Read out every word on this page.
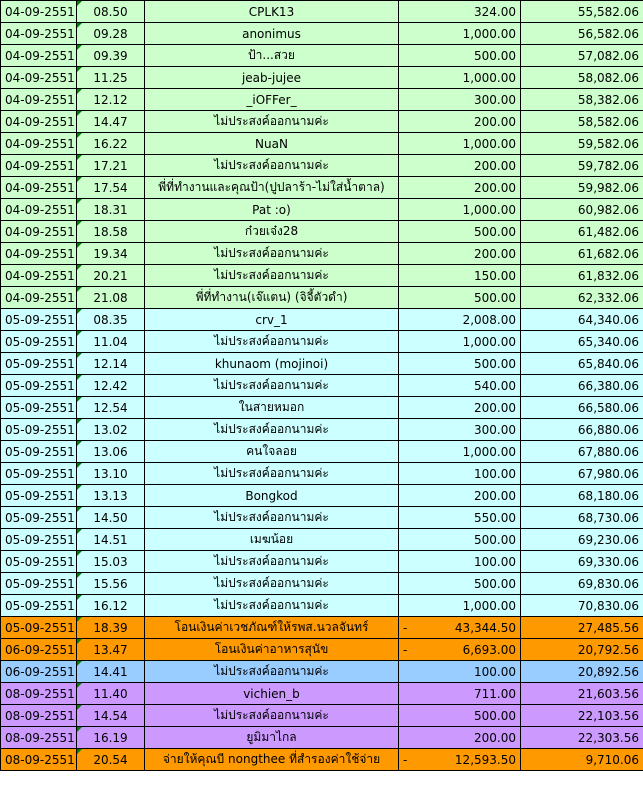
04-09-2551	08.50	CPLK13	324.00	55,582.06
04-09-2551	09.28	anonimus	1,000.00	56,582.06
04-09-2551	09.39	ป้า...สวย	500.00	57,082.06
04-09-2551	11.25	jeab-jujee	1,000.00	58,082.06
04-09-2551	12.12	_iOFFer_	300.00	58,382.06
04-09-2551	14.47	ไม่ประสงค์ออกนามค่ะ	200.00	58,582.06
04-09-2551	16.22	NuaN	1,000.00	59,582.06
04-09-2551	17.21	ไม่ประสงค์ออกนามค่ะ	200.00	59,782.06
04-09-2551	17.54	พี่ที่ทำงานและคุณป้า(ปูปลาร้า-ไม่ใส่น้ำตาล)	200.00	59,982.06
04-09-2551	18.31	Pat :o)	1,000.00	60,982.06
04-09-2551	18.58	ก๋วยเจ๋ง28	500.00	61,482.06
04-09-2551	19.34	ไม่ประสงค์ออกนามค่ะ	200.00	61,682.06
04-09-2551	20.21	ไม่ประสงค์ออกนามค่ะ	150.00	61,832.06
04-09-2551	21.08	พี่ที่ทำงาน(เจ๊แตน) (จิจี้ตัวดำ)	500.00	62,332.06
05-09-2551	08.35	crv_1	2,008.00	64,340.06
05-09-2551	11.04	ไม่ประสงค์ออกนามค่ะ	1,000.00	65,340.06
05-09-2551	12.14	khunaom (mojinoi)	500.00	65,840.06
05-09-2551	12.42	ไม่ประสงค์ออกนามค่ะ	540.00	66,380.06
05-09-2551	12.54	ในสายหมอก	200.00	66,580.06
05-09-2551	13.02	ไม่ประสงค์ออกนามค่ะ	300.00	66,880.06
05-09-2551	13.06	คนใจลอย	1,000.00	67,880.06
05-09-2551	13.10	ไม่ประสงค์ออกนามค่ะ	100.00	67,980.06
05-09-2551	13.13	Bongkod	200.00	68,180.06
05-09-2551	14.50	ไม่ประสงค์ออกนามค่ะ	550.00	68,730.06
05-09-2551	14.51	เมฆน้อย	500.00	69,230.06
05-09-2551	15.03	ไม่ประสงค์ออกนามค่ะ	100.00	69,330.06
05-09-2551	15.56	ไม่ประสงค์ออกนามค่ะ	500.00	69,830.06
05-09-2551	16.12	ไม่ประสงค์ออกนามค่ะ	1,000.00	70,830.06
05-09-2551	18.39	โอนเงินค่าเวชภัณฑ์ให้รพส.นวลจันทร์	- 43,344.50	27,485.56
06-09-2551	13.47	โอนเงินค่าอาหารสุนัข	- 6,693.00	20,792.56
06-09-2551	14.41	ไม่ประสงค์ออกนามค่ะ	100.00	20,892.56
08-09-2551	11.40	vichien_b	711.00	21,603.56
08-09-2551	14.54	ไม่ประสงค์ออกนามค่ะ	500.00	22,103.56
08-09-2551	16.19	ยูมิมาไกล	200.00	22,303.56
08-09-2551	20.54	จ่ายให้คุณบี nongthee ที่สำรองค่าใช้จ่าย	- 12,593.50	9,710.06
